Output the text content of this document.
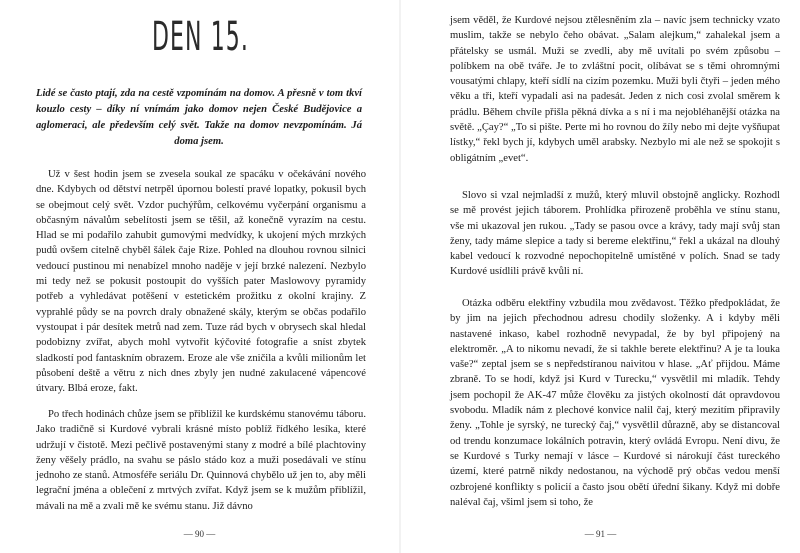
DEN 15.

Lidé se často ptají, zda na cestě vzpomínám na domov. A přesně v tom tkví kouzlo cesty – díky ní vnímám jako domov nejen České Budějovice a aglomeraci, ale především celý svět. Takže na domov nevzpomínám. Já doma jsem.

Už v šest hodin jsem se zvesela soukal ze spacáku v očekávání nového dne. Kdybych od dětství netrpěl úpornou bolestí pravé lopatky, pokusil bych se obejmout celý svět. Vzdor puchýřům, celkovému vyčerpání organismu a občasným návalům sebelítosti jsem se těšil, až konečně vyrazím na cestu. Hlad se mi podařilo zahubit gumovými medvídky, k ukojení mých mrzkých pudů ovšem citelně chyběl šálek čaje Rize. Pohled na dlouhou rovnou silnici vedoucí pustinou mi nenabízel mnoho naděje v její brzké nalezení. Nezbylo mi tedy než se pokusit postoupit do vyšších pater Maslowovy pyramidy potřeb a vyhledávat potěšení v estetickém prožitku z okolní krajiny. Z vyprahlé půdy se na povrch draly obnažené skály, kterým se občas podařilo vystoupat i pár desítek metrů nad zem. Tuze rád bych v obrysech skal hledal podobizny zvířat, abych mohl vytvořit kýčovité fotografie a sníst zbytek sladkostí pod fantaskním obrazem. Eroze ale vše zničila a kvůli milionům let působení deště a větru z nich dnes zbyly jen nudné zakulacené vápencové útvary. Blbá eroze, fakt.

Po třech hodinách chůze jsem se přiblížil ke kurdskému stanovému táboru. Jako tradičně si Kurdové vybrali krásné místo poblíž řídkého lesíka, které udržují v čistotě. Mezi pečlivě postavenými stany z modré a bílé plachtoviny ženy věšely prádlo, na svahu se páslo stádo koz a muži posedávali ve stínu jednoho ze stanů. Atmosféře seriálu Dr. Quinnová chybělo už jen to, aby měli legrační jména a oblečení z mrtvých zvířat. Když jsem se k mužům přiblížil, mávali na mě a zvali mě ke svému stanu. Již dávno

— 90 —

jsem věděl, že Kurdové nejsou ztělesněním zla – navíc jsem technicky vzato muslim, takže se nebylo čeho obávat. „Salam alejkum,“ zahalekal jsem a přátelsky se usmál. Muži se zvedli, aby mě uvítali po svém způsobu – políbkem na obě tváře. Je to zvláštní pocit, olíbávat se s těmi ohromnými vousatými chlapy, kteří sídlí na cizím pozemku. Muži byli čtyři – jeden mého věku a tři, kteří vypadali asi na padesát. Jeden z nich cosi zvolal směrem k prádlu. Během chvíle přišla pěkná dívka a s ní i ma nejobléhanější otázka na světě. „Çay?“ „To si pište. Perte mi ho rovnou do žíly nebo mi dejte vyšňupat lístky,“ řekl bych jí, kdybych uměl arabsky. Nezbylo mi ale než se spokojit s obligátním „evet“.

Slovo si vzal nejmladší z mužů, který mluvil obstojně anglicky. Rozhodl se mě provést jejich táborem. Prohlídka přirozeně proběhla ve stínu stanu, vše mi ukazoval jen rukou. „Tady se pasou ovce a krávy, tady mají svůj stan ženy, tady máme slepice a tady si bereme elektřinu,“ řekl a ukázal na dlouhý kabel vedoucí k rozvodné nepochopitelně umístěné v polích. Snad se tady Kurdové usídlili právě kvůli ní.

Otázka odběru elektřiny vzbudila mou zvědavost. Těžko předpokládat, že by jim na jejich přechodnou adresu chodily složenky. A i kdyby měli nastavené inkaso, kabel rozhodně nevypadal, že by byl připojený na elektroměr. „A to nikomu nevadí, že si takhle berete elektřinu? A je ta louka vaše?“ zeptal jsem se s nepředstíranou naivitou v hlase. „Ať přijdou. Máme zbraně. To se hodí, když jsi Kurd v Turecku,“ vysvětlil mi mladík. Tehdy jsem pochopil že AK-47 může člověku za jistých okolností dát opravdovou svobodu. Mladík nám z plechové konvice nalil čaj, který mezitím připravily ženy. „Tohle je syrský, ne turecký čaj,“ vysvětlil důrazně, aby se distancoval od trendu konzumace lokálních potravin, který ovládá Evropu. Není divu, že se Kurdové s Turky nemají v lásce – Kurdové si nárokují část tureckého území, které patrně nikdy nedostanou, na východě prý občas vedou menší ozbrojené konflikty s policií a často jsou obětí úřední šikany. Když mi dobře naléval čaj, všiml jsem si toho, že

— 91 —
